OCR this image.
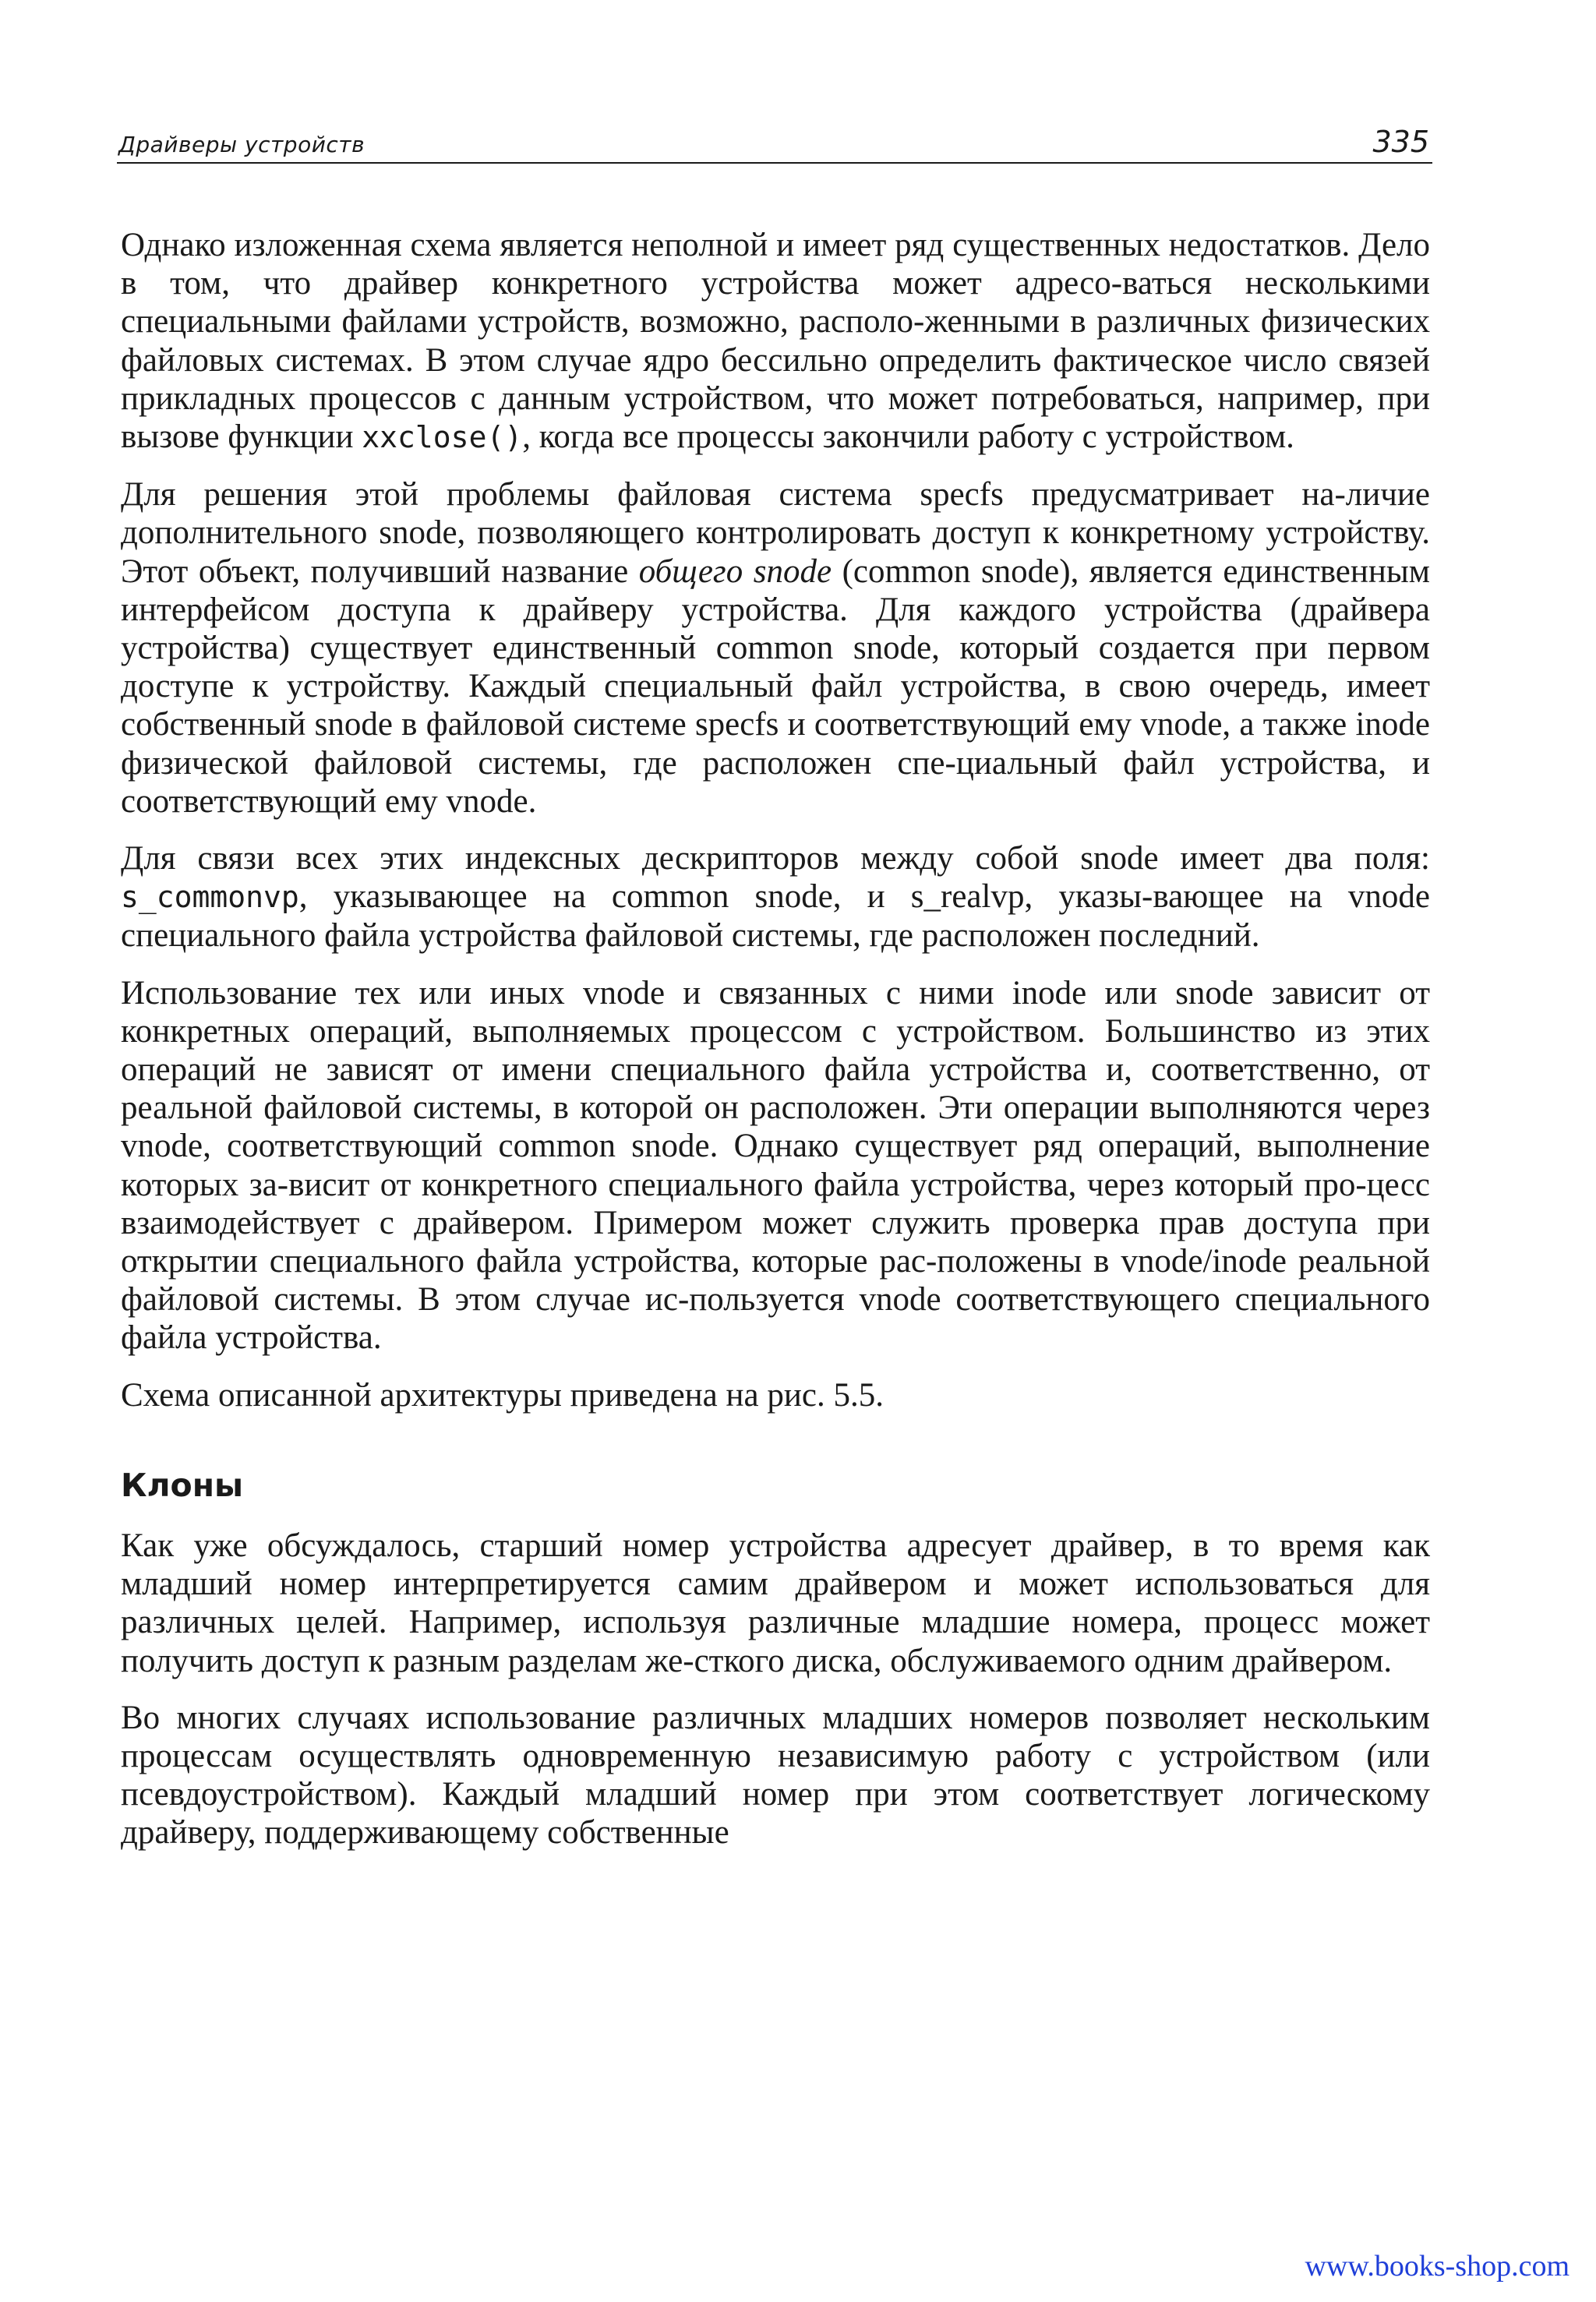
Драйверы устройств	335

Однако изложенная схема является неполной и имеет ряд существенных недостатков. Дело в том, что драйвер конкретного устройства может адресо-ваться несколькими специальными файлами устройств, возможно, располо-женными в различных физических файловых системах. В этом случае ядро бессильно определить фактическое число связей прикладных процессов с данным устройством, что может потребоваться, например, при вызове функции xxclose(), когда все процессы закончили работу с устройством.

Для решения этой проблемы файловая система specfs предусматривает на-личие дополнительного snode, позволяющего контролировать доступ к конкретному устройству. Этот объект, получивший название общего snode (common snode), является единственным интерфейсом доступа к драйверу устройства. Для каждого устройства (драйвера устройства) существует единственный common snode, который создается при первом доступе к устройству. Каждый специальный файл устройства, в свою очередь, имеет собственный snode в файловой системе specfs и соответствующий ему vnode, а также inode физической файловой системы, где расположен спе-циальный файл устройства, и соответствующий ему vnode.

Для связи всех этих индексных дескрипторов между собой snode имеет два поля: s_commonvp, указывающее на common snode, и s_realvp, указы-вающее на vnode специального файла устройства файловой системы, где расположен последний.

Использование тех или иных vnode и связанных с ними inode или snode зависит от конкретных операций, выполняемых процессом с устройством. Большинство из этих операций не зависят от имени специального файла устройства и, соответственно, от реальной файловой системы, в которой он расположен. Эти операции выполняются через vnode, соответствующий common snode. Однако существует ряд операций, выполнение которых за-висит от конкретного специального файла устройства, через который про-цесс взаимодействует с драйвером. Примером может служить проверка прав доступа при открытии специального файла устройства, которые рас-положены в vnode/inode реальной файловой системы. В этом случае ис-пользуется vnode соответствующего специального файла устройства.

Схема описанной архитектуры приведена на рис. 5.5.

Клоны

Как уже обсуждалось, старший номер устройства адресует драйвер, в то время как младший номер интерпретируется самим драйвером и может использоваться для различных целей. Например, используя различные младшие номера, процесс может получить доступ к разным разделам же-сткого диска, обслуживаемого одним драйвером.

Во многих случаях использование различных младших номеров позволяет нескольким процессам осуществлять одновременную независимую работу с устройством (или псевдоустройством). Каждый младший номер при этом соответствует логическому драйверу, поддерживающему собственные

www.books-shop.com
